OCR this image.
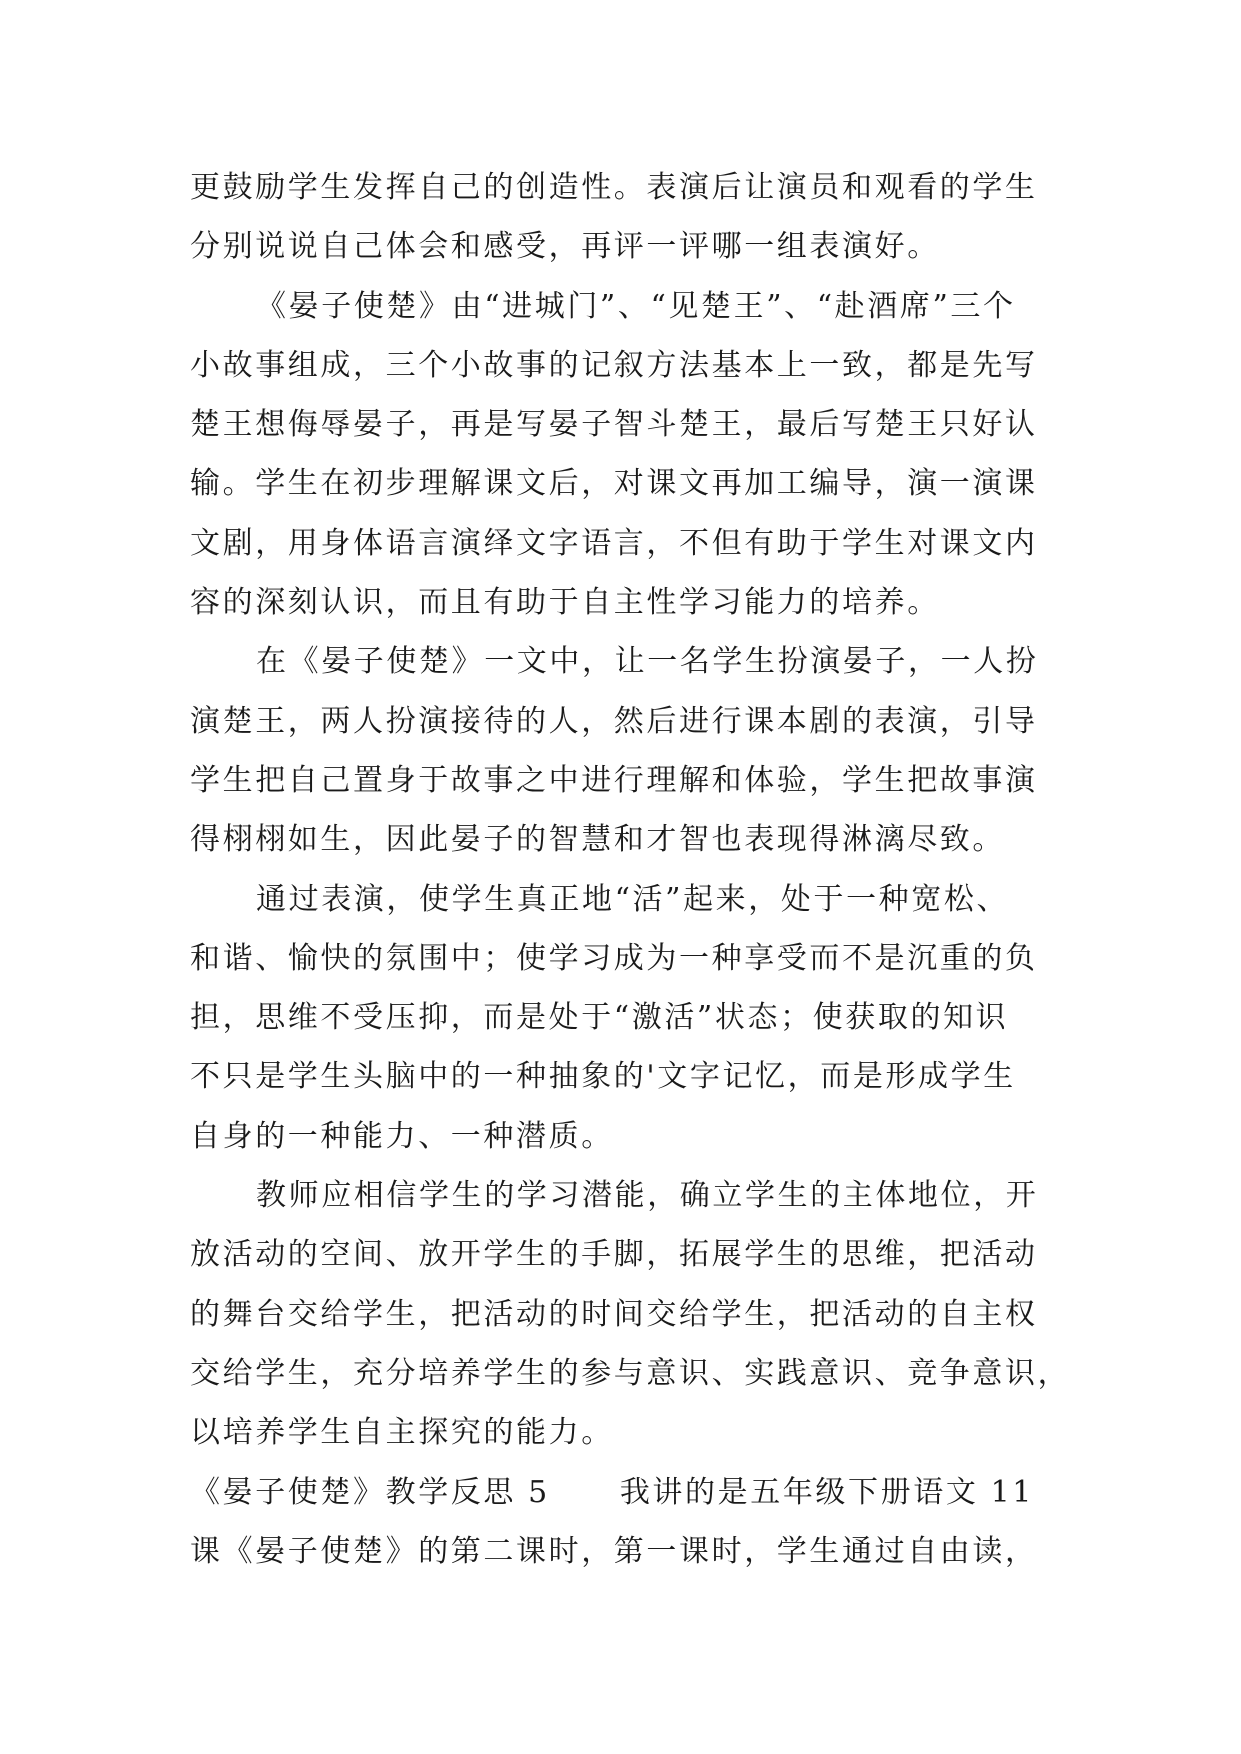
更鼓励学生发挥自己的创造性。表演后让演员和观看的学生
分别说说自己体会和感受，再评一评哪一组表演好。
《晏子使楚》由“进城门”、“见楚王”、“赴酒席”三个
小故事组成，三个小故事的记叙方法基本上一致，都是先写
楚王想侮辱晏子，再是写晏子智斗楚王，最后写楚王只好认
输。学生在初步理解课文后，对课文再加工编导，演一演课
文剧，用身体语言演绎文字语言，不但有助于学生对课文内
容的深刻认识，而且有助于自主性学习能力的培养。
在《晏子使楚》一文中，让一名学生扮演晏子，一人扮
演楚王，两人扮演接待的人，然后进行课本剧的表演，引导
学生把自己置身于故事之中进行理解和体验，学生把故事演
得栩栩如生，因此晏子的智慧和才智也表现得淋漓尽致。
通过表演，使学生真正地“活”起来，处于一种宽松、
和谐、愉快的氛围中；使学习成为一种享受而不是沉重的负
担，思维不受压抑，而是处于“激活”状态；使获取的知识
不只是学生头脑中的一种抽象的'文字记忆，而是形成学生
自身的一种能力、一种潜质。
教师应相信学生的学习潜能，确立学生的主体地位，开
放活动的空间、放开学生的手脚，拓展学生的思维，把活动
的舞台交给学生，把活动的时间交给学生，把活动的自主权
交给学生，充分培养学生的参与意识、实践意识、竞争意识，
以培养学生自主探究的能力。
《晏子使楚》教学反思 5 我讲的是五年级下册语文 11
课《晏子使楚》的第二课时，第一课时，学生通过自由读，
